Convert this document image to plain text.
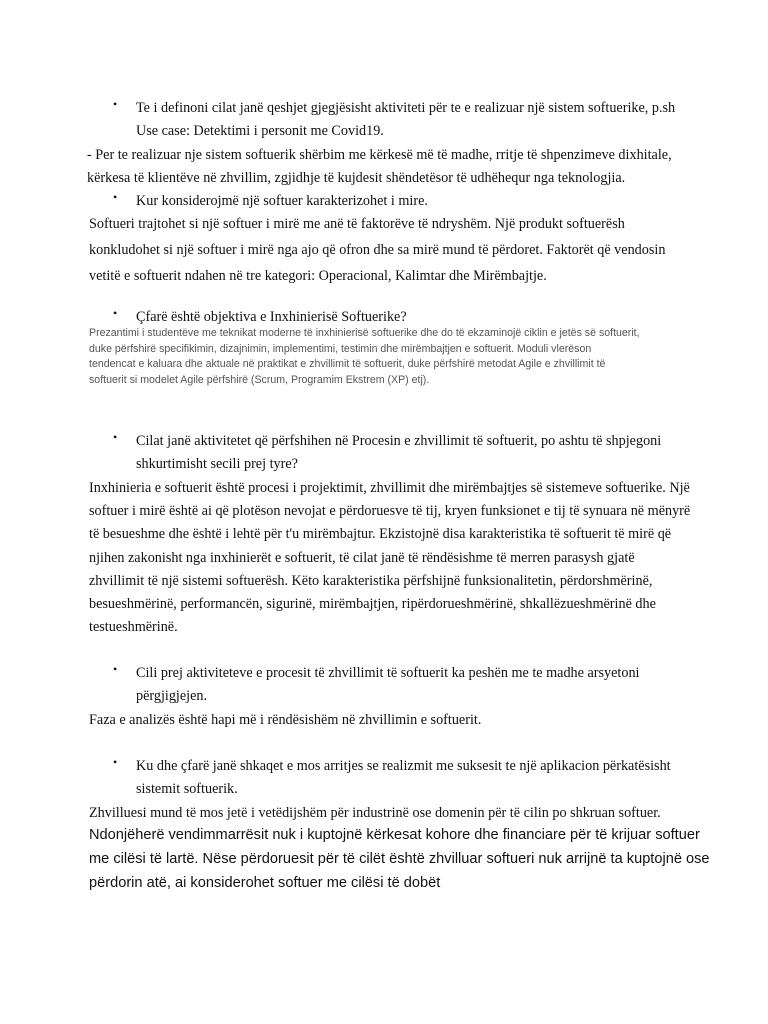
• Te i definoni cilat janë qeshjet gjegjësisht aktiviteti për te e realizuar një sistem softuerike, p.sh
Use case: Detektimi i personit me Covid19.
- Per te realizuar nje sistem softuerik shërbim me kërkesë më të madhe, rritje të shpenzimeve dixhitale,
kërkesa të klientëve në zhvillim, zgjidhje të kujdesit shëndetësor të udhëhequr nga teknologjia.
• Kur konsiderojmë një softuer karakterizohet i mire.
Softueri trajtohet si një softuer i mirë me anë të faktorëve të ndryshëm. Një produkt softuerësh
konkludohet si një softuer i mirë nga ajo që ofron dhe sa mirë mund të përdoret. Faktorët që vendosin
vetitë e softuerit ndahen në tre kategori: Operacional, Kalimtar dhe Mirëmbajtje.
• Çfarë është objektiva e Inxhinierisë Softuerike?
Prezantimi i studentëve me teknikat moderne të inxhinierisë softuerike dhe do të ekzaminojë ciklin e jetës së softuerit,
duke përfshirë specifikimin, dizajnimin, implementimi, testimin dhe mirëmbajtjen e softuerit. Moduli vlerëson
tendencat e kaluara dhe aktuale në praktikat e zhvillimit të softuerit, duke përfshirë metodat Agile e zhvillimit të
softuerit si modelet Agile përfshirë (Scrum, Programim Ekstrem (XP) etj).
• Cilat janë aktivitetet që përfshihen në Procesin e zhvillimit të softuerit, po ashtu të shpjegoni
shkurtimisht secili prej tyre?
Inxhinieria e softuerit është procesi i projektimit, zhvillimit dhe mirëmbajtjes së sistemeve softuerike. Një
softuer i mirë është ai që plotëson nevojat e përdoruesve të tij, kryen funksionet e tij të synuara në mënyrë
të besueshme dhe është i lehtë për t'u mirëmbajtur. Ekzistojnë disa karakteristika të softuerit të mirë që
njihen zakonisht nga inxhinierët e softuerit, të cilat janë të rëndësishme të merren parasysh gjatë
zhvillimit të një sistemi softuerësh. Këto karakteristika përfshijnë funksionalitetin, përdorshmërinë,
besueshmërinë, performancën, sigurinë, mirëmbajtjen, ripërdorueshmërinë, shkallëzueshmërinë dhe
testueshmërinë.
• Cili prej aktiviteteve e procesit të zhvillimit të softuerit ka peshën me te madhe arsyetoni
përgjigjejen.
Faza e analizës është hapi më i rëndësishëm në zhvillimin e softuerit.
• Ku dhe çfarë janë shkaqet e mos arritjes se realizmit me suksesit te një aplikacion përkatësisht
sistemit softuerik.
Zhvilluesi mund të mos jetë i vetëdijshëm për industrinë ose domenin për të cilin po shkruan softuer.
Ndonjëherë vendimmarrësit nuk i kuptojnë kërkesat kohore dhe financiare për të krijuar softuer
me cilësi të lartë. Nëse përdoruesit për të cilët është zhvilluar softueri nuk arrijnë ta kuptojnë ose
përdorin atë, ai konsiderohet softuer me cilësi të dobët
